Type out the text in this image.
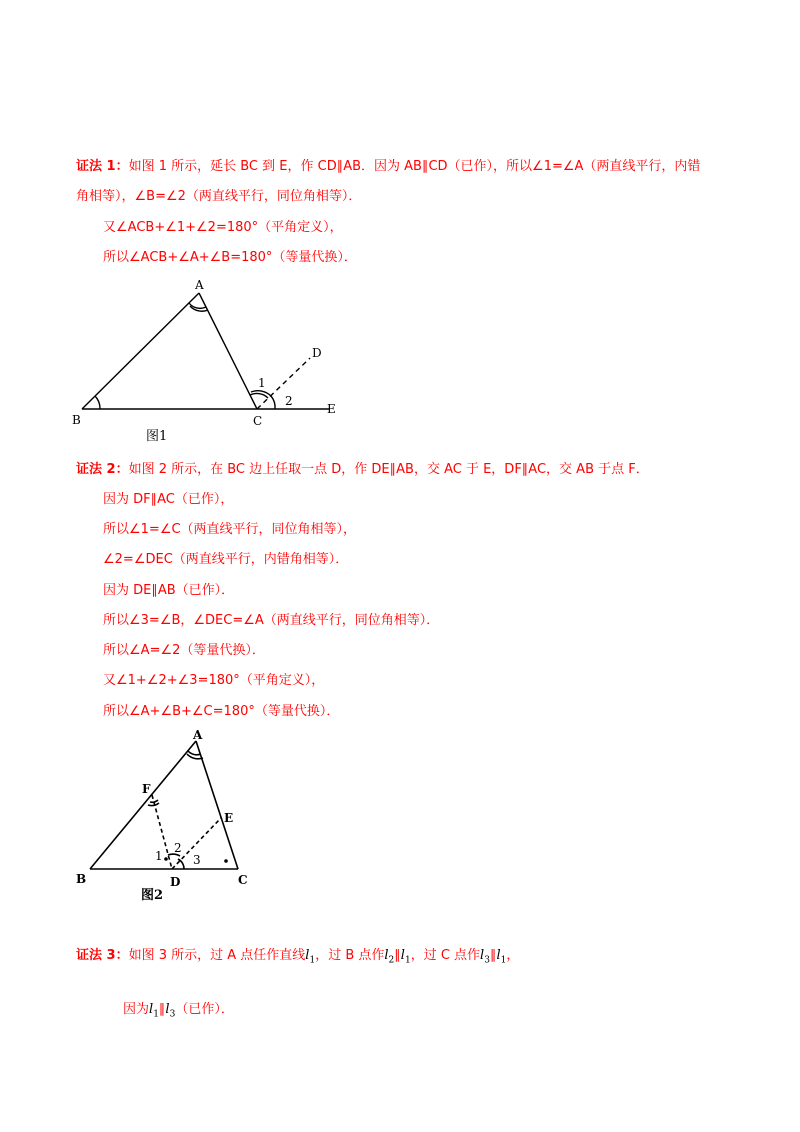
证法 1：如图 1 所示，延长 BC 到 E，作 CD∥AB．因为 AB∥CD（已作），所以∠1=∠A（两直线平行，内错
角相等），∠B=∠2（两直线平行，同位角相等）．
又∠ACB+∠1+∠2=180°（平角定义），
所以∠ACB+∠A+∠B=180°（等量代换）．
A
B	C
D
E
1
2
图1
证法 2：如图 2 所示，在 BC 边上任取一点 D，作 DE∥AB，交 AC 于 E，DF∥AC，交 AB 于点 F．
因为 DF∥AC（已作），
所以∠1=∠C（两直线平行，同位角相等），
∠2=∠DEC（两直线平行，内错角相等）．
因为 DE∥AB（已作）．
所以∠3=∠B，∠DEC=∠A（两直线平行，同位角相等）．
所以∠A=∠2（等量代换）．
又∠1+∠2+∠3=180°（平角定义），
所以∠A+∠B+∠C=180°（等量代换）．
A
B	C
D
E
F
1
2
3
图2
证法 3：如图 3 所示，过 A 点任作直线$l_1$，过 B 点作$l_2\parallel l_1$，过 C 点作$l_3\parallel l_1$，
因为$l_1\parallel l_3$（已作）．
